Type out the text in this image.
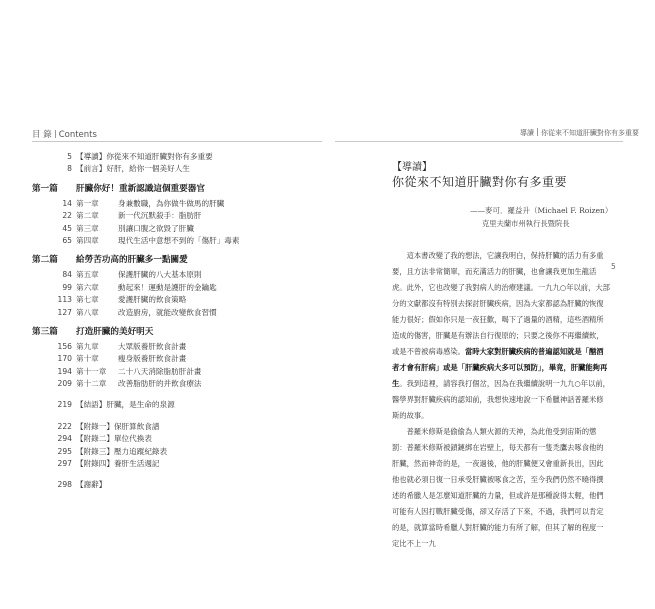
目 錄 Contents
5 【導讀】你從來不知道肝臟對你有多重要
8 【前言】好肝，給你一個美好人生
第一篇	肝臟你好！重新認識這個重要器官
14 第一章	身兼數職，為你做牛做馬的肝臟
22 第二章	新一代沉默殺手：脂肪肝
45 第三章	別讓口腹之欲毀了肝臟
65 第四章	現代生活中意想不到的「傷肝」毒素
第二篇	給勞苦功高的肝臟多一點關愛
84 第五章	保護肝臟的八大基本原則
99 第六章	動起來！運動是護肝的金鑰匙
113 第七章	愛護肝臟的飲食策略
127 第八章	改造廚房，就能改變飲食習慣
第三篇	打造肝臟的美好明天
156 第九章	大眾版養肝飲食計畫
170 第十章	瘦身版養肝飲食計畫
194 第十一章	二十八天消除脂肪肝計畫
209 第十二章	改善脂肪肝的并飲食療法
219 【結語】肝臟，是生命的泉源
222 【附錄一】保肝算飲食譜
294 【附錄二】單位代換表
295 【附錄三】壓力追蹤紀錄表
297 【附錄四】養肝生活週記
298 【謝辭】
導讀 你從來不知道肝臟對你有多重要
【導讀】
你從來不知道肝臟對你有多重要
——麥可．羅益升（Michael F. Roizen）
克里夫蘭市州執行長暨院長

這本書改變了我的想法，它讓我明白，保持肝臟的活力有多重要，且方法非常簡單，而充滿活力的肝臟，也會讓我更加生龍活虎。此外，它也改變了我對病人的治療建議。一九九○年以前，大部分的文獻都沒有特別去探討肝臟疾病，因為大家都認為肝臟的恢復能力很好；假如你只是一夜狂歡，喝下了過量的酒精，這些酒精所造成的傷害，肝臟是有辦法自行復原的；只要之後你不再繼續飲，或是不曾被病毒感染。當時大家對肝臟疾病的普遍認知就是「酗酒者才會有肝病」或是「肝臟疾病大多可以預防」，畢竟，肝臟能夠再生。我到這裡，請容我打個岔，因為在我繼續說明一九九○年以前，醫學界對肝臟疾病的認知前，我想快速地說一下希臘神話普羅米修斯的故事。

普羅米修斯是偷偷為人類火源的天神，為此他受到宙斯的懲罰：普羅米修斯被鎖鏈綁在岩壁上，每天都有一隻禿鷹去啄食他的肝臟，然而神奇的是，一夜過後，他的肝臟便又會重新長出，因此他也就必須日復一日承受肝臟被啄食之苦，至今我們仍然不曉得撰述的希臘人是怎麼知道肝臟的力量，但或許是那種說得太輕，他們可能有人因打戰肝臟受傷，卻又存活了下來，不過，我們可以肯定的是，就算當時希臘人對肝臟的能力有所了解，但其了解的程度一定比不上一九

5
